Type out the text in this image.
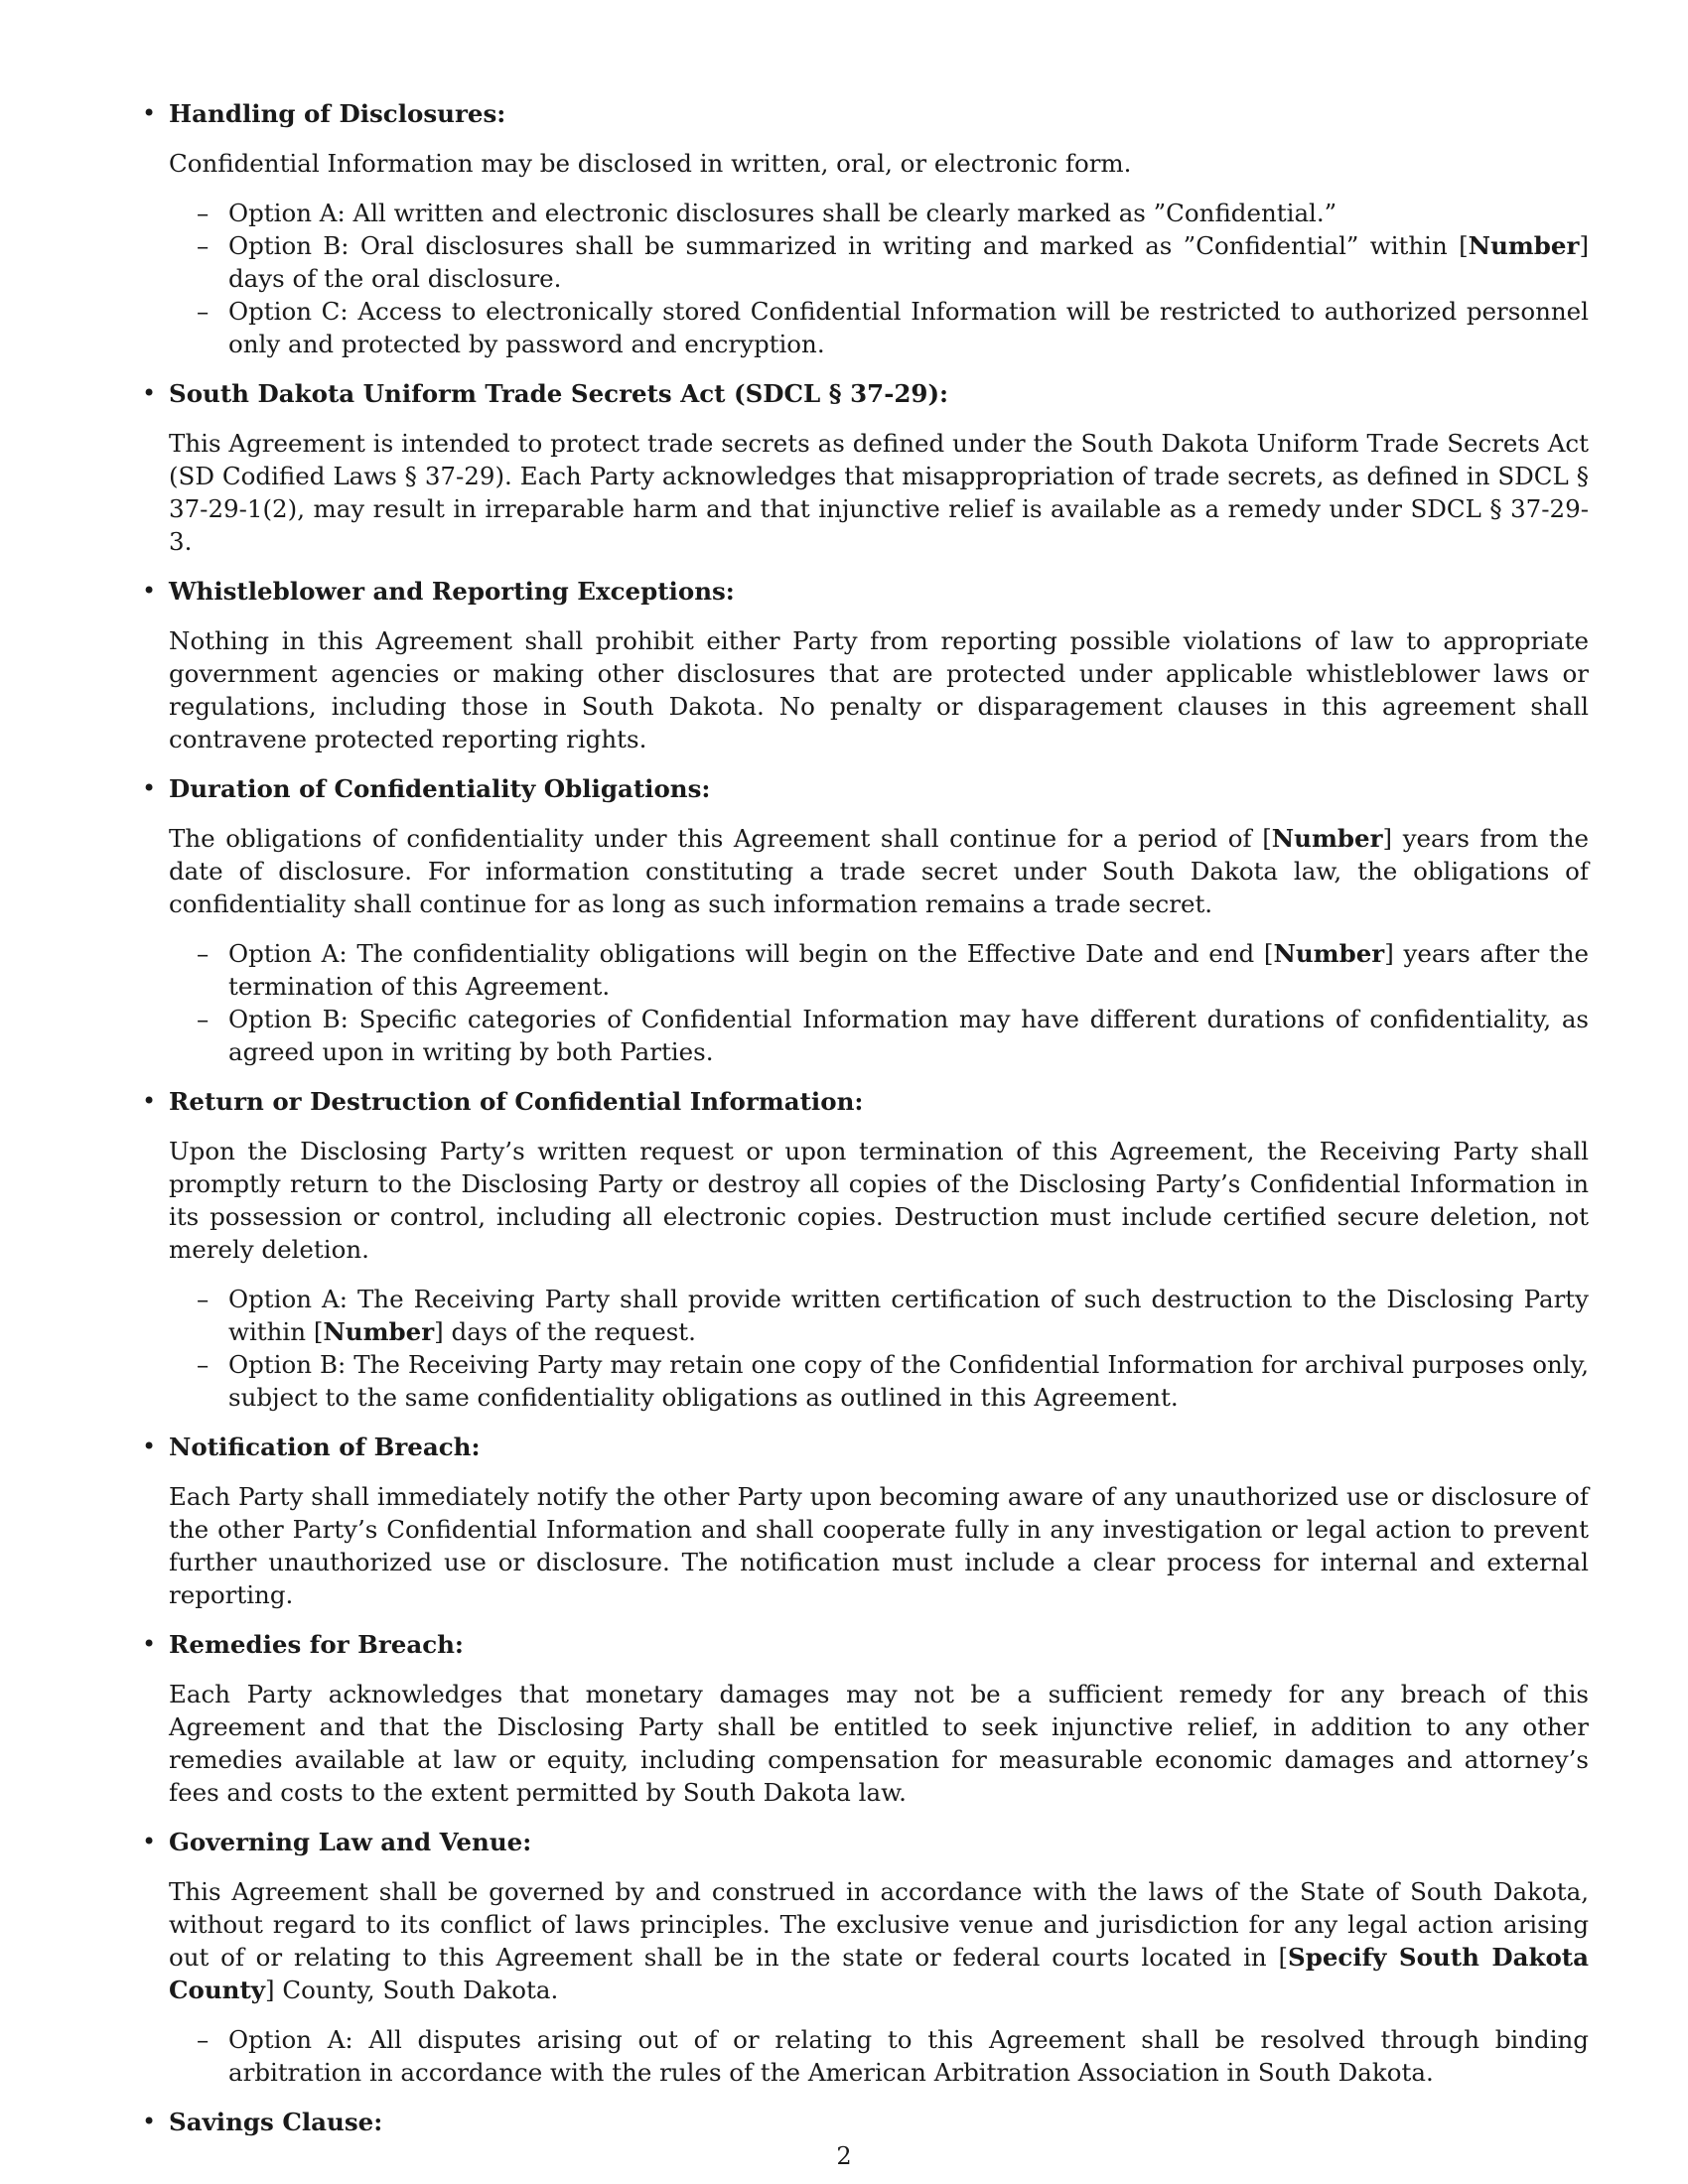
• Handling of Disclosures:

Confidential Information may be disclosed in written, oral, or electronic form.

– Option A: All written and electronic disclosures shall be clearly marked as ”Confidential.”
– Option B: Oral disclosures shall be summarized in writing and marked as ”Confidential” within [Number] days of the oral disclosure.
– Option C: Access to electronically stored Confidential Information will be restricted to authorized personnel only and protected by password and encryption.
• South Dakota Uniform Trade Secrets Act (SDCL § 37-29):

This Agreement is intended to protect trade secrets as defined under the South Dakota Uniform Trade Secrets Act (SD Codified Laws § 37-29). Each Party acknowledges that misappropriation of trade secrets, as defined in SDCL § 37-29-1(2), may result in irreparable harm and that injunctive relief is available as a remedy under SDCL § 37-29-3.

• Whistleblower and Reporting Exceptions:

Nothing in this Agreement shall prohibit either Party from reporting possible violations of law to appropriate government agencies or making other disclosures that are protected under applicable whistleblower laws or regulations, including those in South Dakota. No penalty or disparagement clauses in this agreement shall contravene protected reporting rights.

• Duration of Confidentiality Obligations:

The obligations of confidentiality under this Agreement shall continue for a period of [Number] years from the date of disclosure. For information constituting a trade secret under South Dakota law, the obligations of confidentiality shall continue for as long as such information remains a trade secret.

– Option A: The confidentiality obligations will begin on the Effective Date and end [Number] years after the termination of this Agreement.
– Option B: Specific categories of Confidential Information may have different durations of confidentiality, as agreed upon in writing by both Parties.
• Return or Destruction of Confidential Information:

Upon the Disclosing Party’s written request or upon termination of this Agreement, the Receiving Party shall promptly return to the Disclosing Party or destroy all copies of the Disclosing Party’s Confidential Information in its possession or control, including all electronic copies. Destruction must include certified secure deletion, not merely deletion.

– Option A: The Receiving Party shall provide written certification of such destruction to the Disclosing Party within [Number] days of the request.
– Option B: The Receiving Party may retain one copy of the Confidential Information for archival purposes only, subject to the same confidentiality obligations as outlined in this Agreement.
• Notification of Breach:

Each Party shall immediately notify the other Party upon becoming aware of any unauthorized use or disclosure of the other Party’s Confidential Information and shall cooperate fully in any investigation or legal action to prevent further unauthorized use or disclosure. The notification must include a clear process for internal and external reporting.

• Remedies for Breach:

Each Party acknowledges that monetary damages may not be a sufficient remedy for any breach of this Agreement and that the Disclosing Party shall be entitled to seek injunctive relief, in addition to any other remedies available at law or equity, including compensation for measurable economic damages and attorney’s fees and costs to the extent permitted by South Dakota law.

• Governing Law and Venue:

This Agreement shall be governed by and construed in accordance with the laws of the State of South Dakota, without regard to its conflict of laws principles. The exclusive venue and jurisdiction for any legal action arising out of or relating to this Agreement shall be in the state or federal courts located in [Specify South Dakota County] County, South Dakota.

– Option A: All disputes arising out of or relating to this Agreement shall be resolved through binding arbitration in accordance with the rules of the American Arbitration Association in South Dakota.
• Savings Clause:

2
